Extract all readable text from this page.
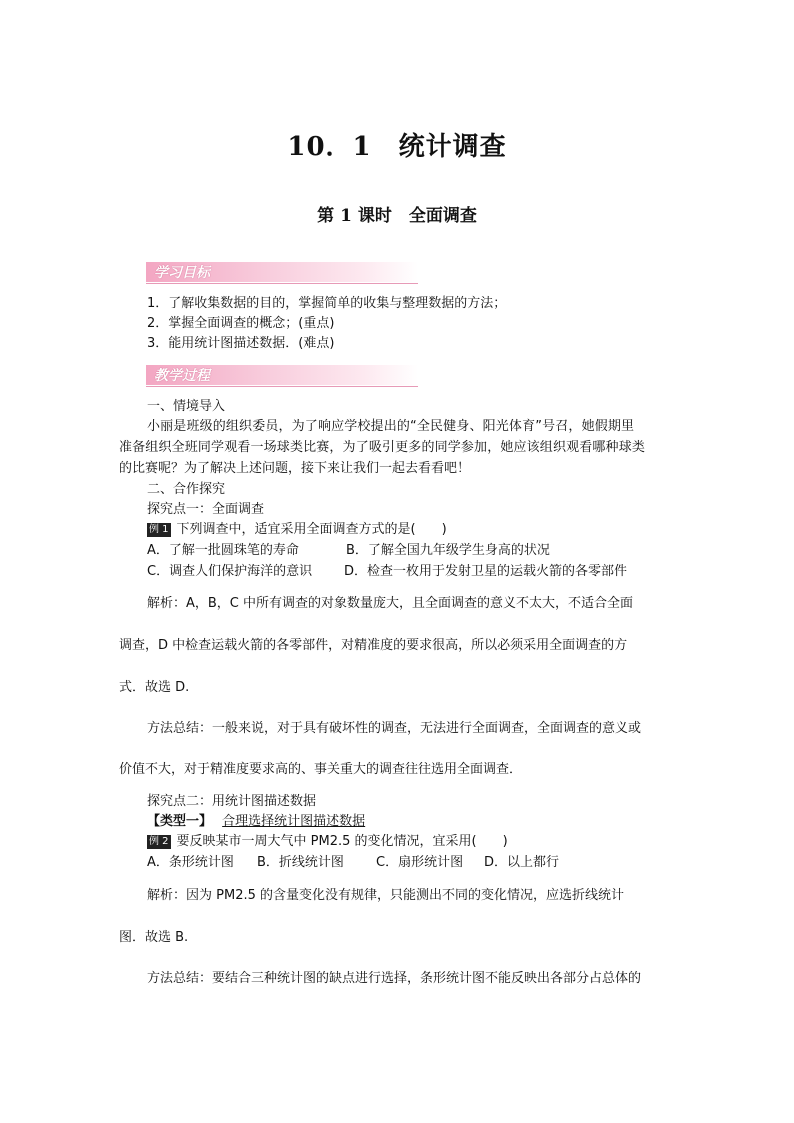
10．1　统计调查
第 1 课时　全面调查
学习目标
1．了解收集数据的目的，掌握简单的收集与整理数据的方法；
2．掌握全面调查的概念；(重点)
3．能用统计图描述数据．(难点)
教学过程
一、情境导入
小丽是班级的组织委员，为了响应学校提出的“全民健身、阳光体育”号召，她假期里
准备组织全班同学观看一场球类比赛，为了吸引更多的同学参加，她应该组织观看哪种球类
的比赛呢？为了解决上述问题，接下来让我们一起去看看吧！
二、合作探究
探究点一：全面调查
例 1 下列调查中，适宜采用全面调查方式的是(　　)
A．了解一批圆珠笔的寿命	B．了解全国九年级学生身高的状况
C．调查人们保护海洋的意识 D．检查一枚用于发射卫星的运载火箭的各零部件
解析：A，B，C 中所有调查的对象数量庞大，且全面调查的意义不太大，不适合全面
调查，D 中检查运载火箭的各零部件，对精准度的要求很高，所以必须采用全面调查的方
式．故选 D.
方法总结：一般来说，对于具有破坏性的调查，无法进行全面调查，全面调查的意义或
价值不大，对于精准度要求高的、事关重大的调查往往选用全面调查．
探究点二：用统计图描述数据
【类型一】 合理选择统计图描述数据
例 2 要反映某市一周大气中 PM2.5 的变化情况，宜采用(　　)
A．条形统计图 B．折线统计图 C．扇形统计图 D．以上都行
解析：因为 PM2.5 的含量变化没有规律，只能测出不同的变化情况，应选折线统计
图．故选 B.
方法总结：要结合三种统计图的缺点进行选择，条形统计图不能反映出各部分占总体的
